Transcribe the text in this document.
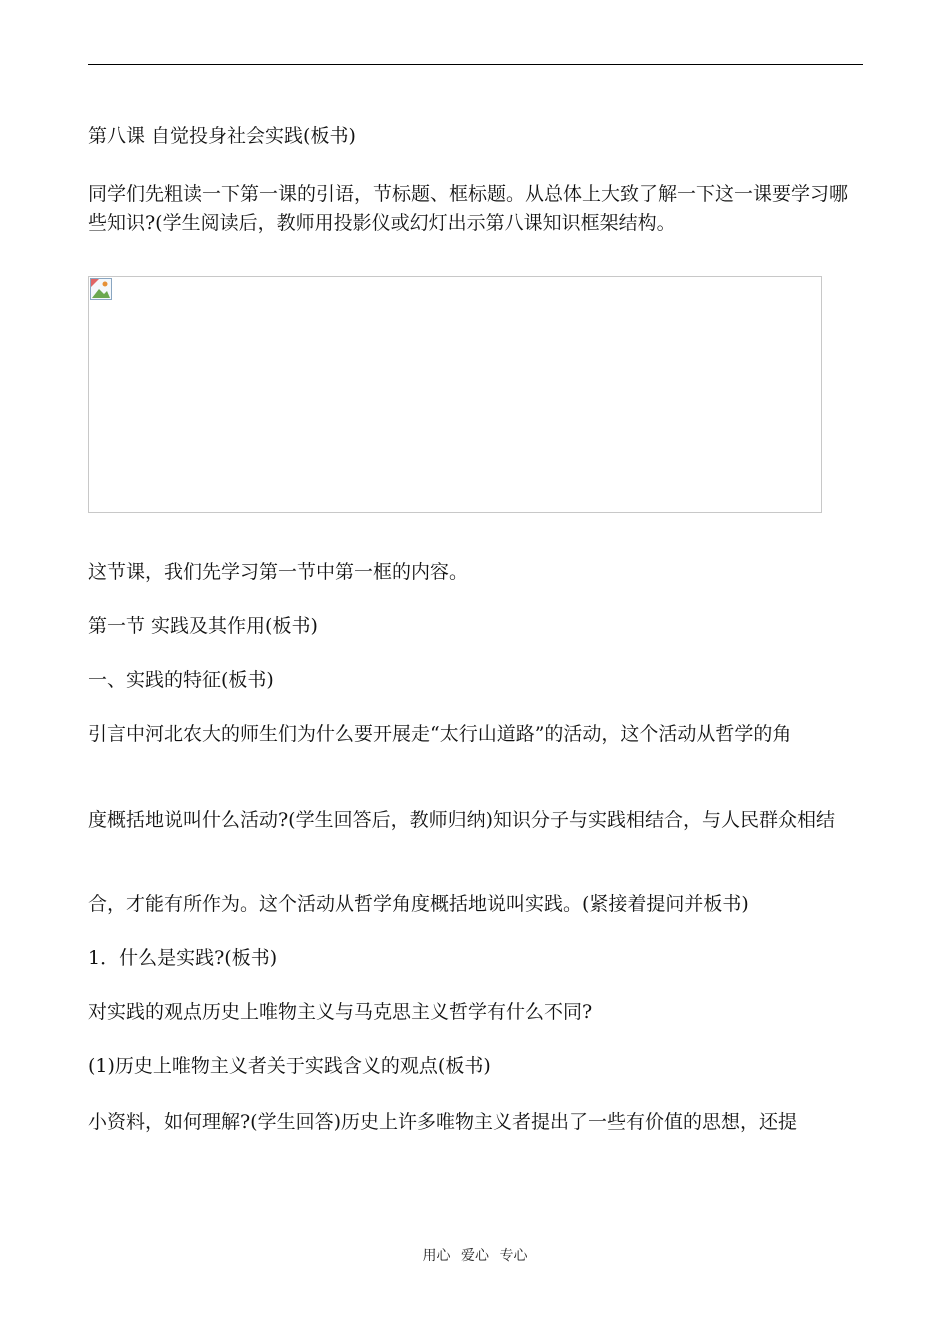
第八课 自觉投身社会实践(板书)
同学们先粗读一下第一课的引语，节标题、框标题。从总体上大致了解一下这一课要学习哪些知识?(学生阅读后，教师用投影仪或幻灯出示第八课知识框架结构。
这节课，我们先学习第一节中第一框的内容。
第一节 实践及其作用(板书)
一、实践的特征(板书)
引言中河北农大的师生们为什么要开展走“太行山道路”的活动，这个活动从哲学的角
度概括地说叫什么活动?(学生回答后，教师归纳)知识分子与实践相结合，与人民群众相结
合，才能有所作为。这个活动从哲学角度概括地说叫实践。(紧接着提问并板书)
1．什么是实践?(板书)
对实践的观点历史上唯物主义与马克思主义哲学有什么不同?
(1)历史上唯物主义者关于实践含义的观点(板书)
小资料，如何理解?(学生回答)历史上许多唯物主义者提出了一些有价值的思想，还提
用心 爱心 专心
